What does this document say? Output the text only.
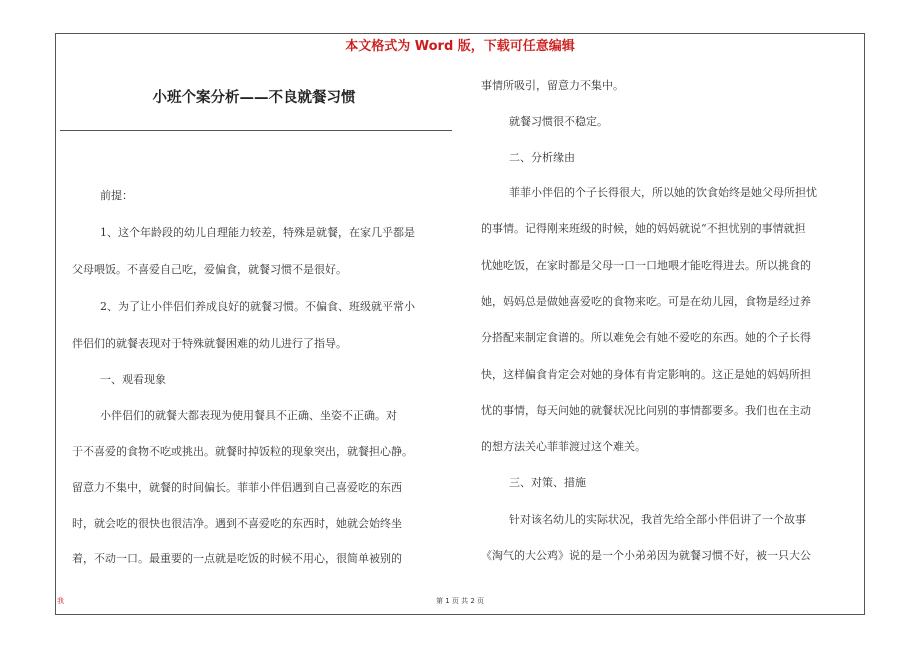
本文格式为 Word 版，下载可任意编辑
小班个案分析——不良就餐习惯
前提：
1、这个年龄段的幼儿自理能力较差，特殊是就餐，在家几乎都是
父母喂饭。不喜爱自己吃，爱偏食，就餐习惯不是很好。
2、为了让小伴侣们养成良好的就餐习惯。不偏食、班级就平常小
伴侣们的就餐表现对于特殊就餐困难的幼儿进行了指导。
一、观看现象
小伴侣们的就餐大都表现为使用餐具不正确、坐姿不正确。对
于不喜爱的食物不吃或挑出。就餐时掉饭粒的现象突出，就餐担心静。
留意力不集中，就餐的时间偏长。菲菲小伴侣遇到自己喜爱吃的东西
时，就会吃的很快也很洁净。遇到不喜爱吃的东西时，她就会始终坐
着，不动一口。最重要的一点就是吃饭的时候不用心，很简单被别的
事情所吸引，留意力不集中。
就餐习惯很不稳定。
二、分析缘由
菲菲小伴侣的个子长得很大，所以她的饮食始终是她父母所担忧
的事情。记得刚来班级的时候，她的妈妈就说“不担忧别的事情就担
忧她吃饭，在家时都是父母一口一口地喂才能吃得进去。所以挑食的
她，妈妈总是做她喜爱吃的食物来吃。可是在幼儿园，食物是经过养
分搭配来制定食谱的。所以难免会有她不爱吃的东西。她的个子长得
快，这样偏食肯定会对她的身体有肯定影响的。这正是她的妈妈所担
忧的事情，每天问她的就餐状况比问别的事情都要多。我们也在主动
的想方法关心菲菲渡过这个难关。
三、对策、措施
针对该名幼儿的实际状况，我首先给全部小伴侣讲了一个故事
《淘气的大公鸡》说的是一个小弟弟因为就餐习惯不好，被一只大公
我	第 1 页 共 2 页
